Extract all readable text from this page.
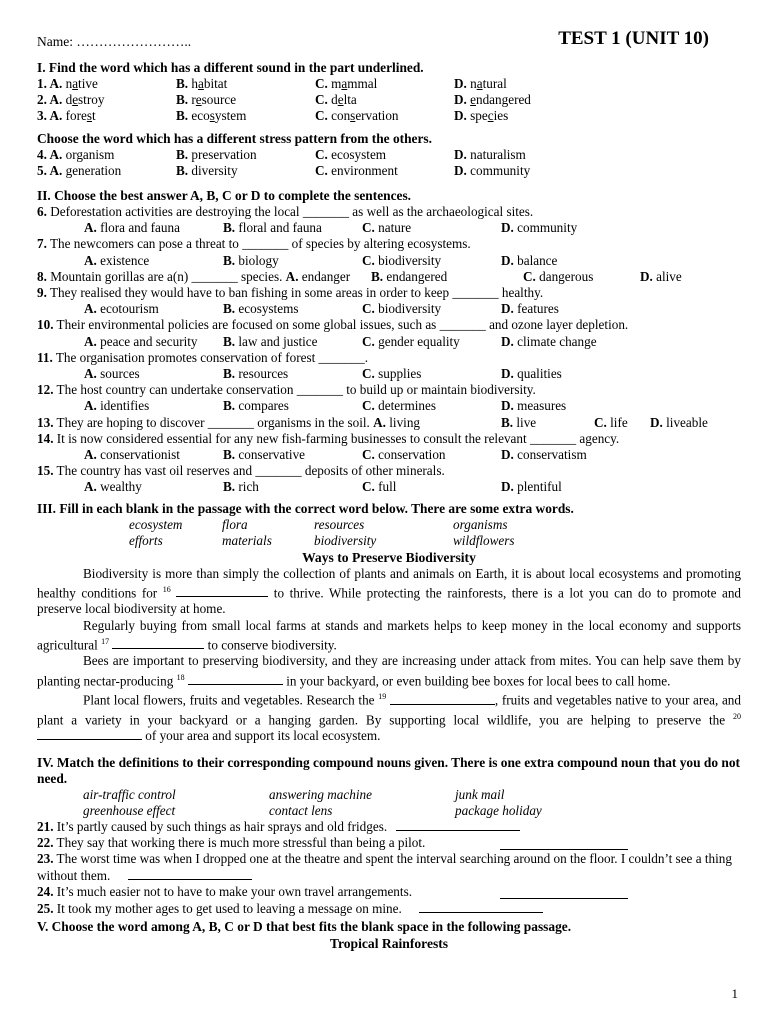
Name: ……………………..	TEST 1 (UNIT 10)
I. Find the word which has a different sound in the part underlined.
1. A. native	B. habitat	C. mammal	D. natural
2. A. destroy	B. resource	C. delta	D. endangered
3. A. forest	B. ecosystem	C. conservation	D. species
Choose the word which has a different stress pattern from the others.
4. A. organism	B. preservation	C. ecosystem	D. naturalism
5. A. generation	B. diversity	C. environment	D. community
II. Choose the best answer A, B, C or D to complete the sentences.
6. Deforestation activities are destroying the local _______ as well as the archaeological sites.
A. flora and fauna	B. floral and fauna	C. nature	D. community
7. The newcomers can pose a threat to _______ of species by altering ecosystems.
A. existence	B. biology	C. biodiversity	D. balance
8. Mountain gorillas are a(n) _______ species. A. endanger B. endangered	C. dangerous	D. alive
9. They realised they would have to ban fishing in some areas in order to keep _______ healthy.
A. ecotourism	B. ecosystems	C. biodiversity	D. features
10. Their environmental policies are focused on some global issues, such as _______ and ozone layer depletion.
A. peace and security	B. law and justice	C. gender equality	D. climate change
11. The organisation promotes conservation of forest _______.
A. sources	B. resources	C. supplies	D. qualities
12. The host country can undertake conservation _______ to build up or maintain biodiversity.
A. identifies	B. compares	C. determines	D. measures
13. They are hoping to discover _______ organisms in the soil. A. living	B. live	C. life D. liveable
14. It is now considered essential for any new fish-farming businesses to consult the relevant _______ agency.
A. conservationist	B. conservative	C. conservation	D. conservatism
15. The country has vast oil reserves and _______ deposits of other minerals.
A. wealthy	B. rich	C. full	D. plentiful
III. Fill in each blank in the passage with the correct word below. There are some extra words.
ecosystem	flora	resources	organisms
efforts	materials	biodiversity	wildflowers
Ways to Preserve Biodiversity
Biodiversity is more than simply the collection of plants and animals on Earth, it is about local ecosystems and promoting healthy conditions for $^{16}$	to thrive. While protecting the rainforests, there is a lot you can do to promote and preserve local biodiversity at home.
Regularly buying from small local farms at stands and markets helps to keep money in the local economy and supports agricultural $^{17}$	to conserve biodiversity.
Bees are important to preserving biodiversity, and they are increasing under attack from mites. You can help save them by planting nectar-producing $^{18}$	in your backyard, or even building bee boxes for local bees to call home.
Plant local flowers, fruits and vegetables. Research the $^{19}$	, fruits and vegetables native to your area, and plant a variety in your backyard or a hanging garden. By supporting local wildlife, you are helping to preserve the $^{20}$  of your area and support its local ecosystem.
IV. Match the definitions to their corresponding compound nouns given. There is one extra compound noun that you do not need.
air-traffic control	answering machine	junk mail
greenhouse effect	contact lens	package holiday
21. It’s partly caused by such things as hair sprays and old fridges.
22. They say that working there is much more stressful than being a pilot.
23. The worst time was when I dropped one at the theatre and spent the interval searching around on the floor. I couldn’t see a thing without them.
24. It’s much easier not to have to make your own travel arrangements.
25. It took my mother ages to get used to leaving a message on mine.
V. Choose the word among A, B, C or D that best fits the blank space in the following passage.
Tropical Rainforests
1
